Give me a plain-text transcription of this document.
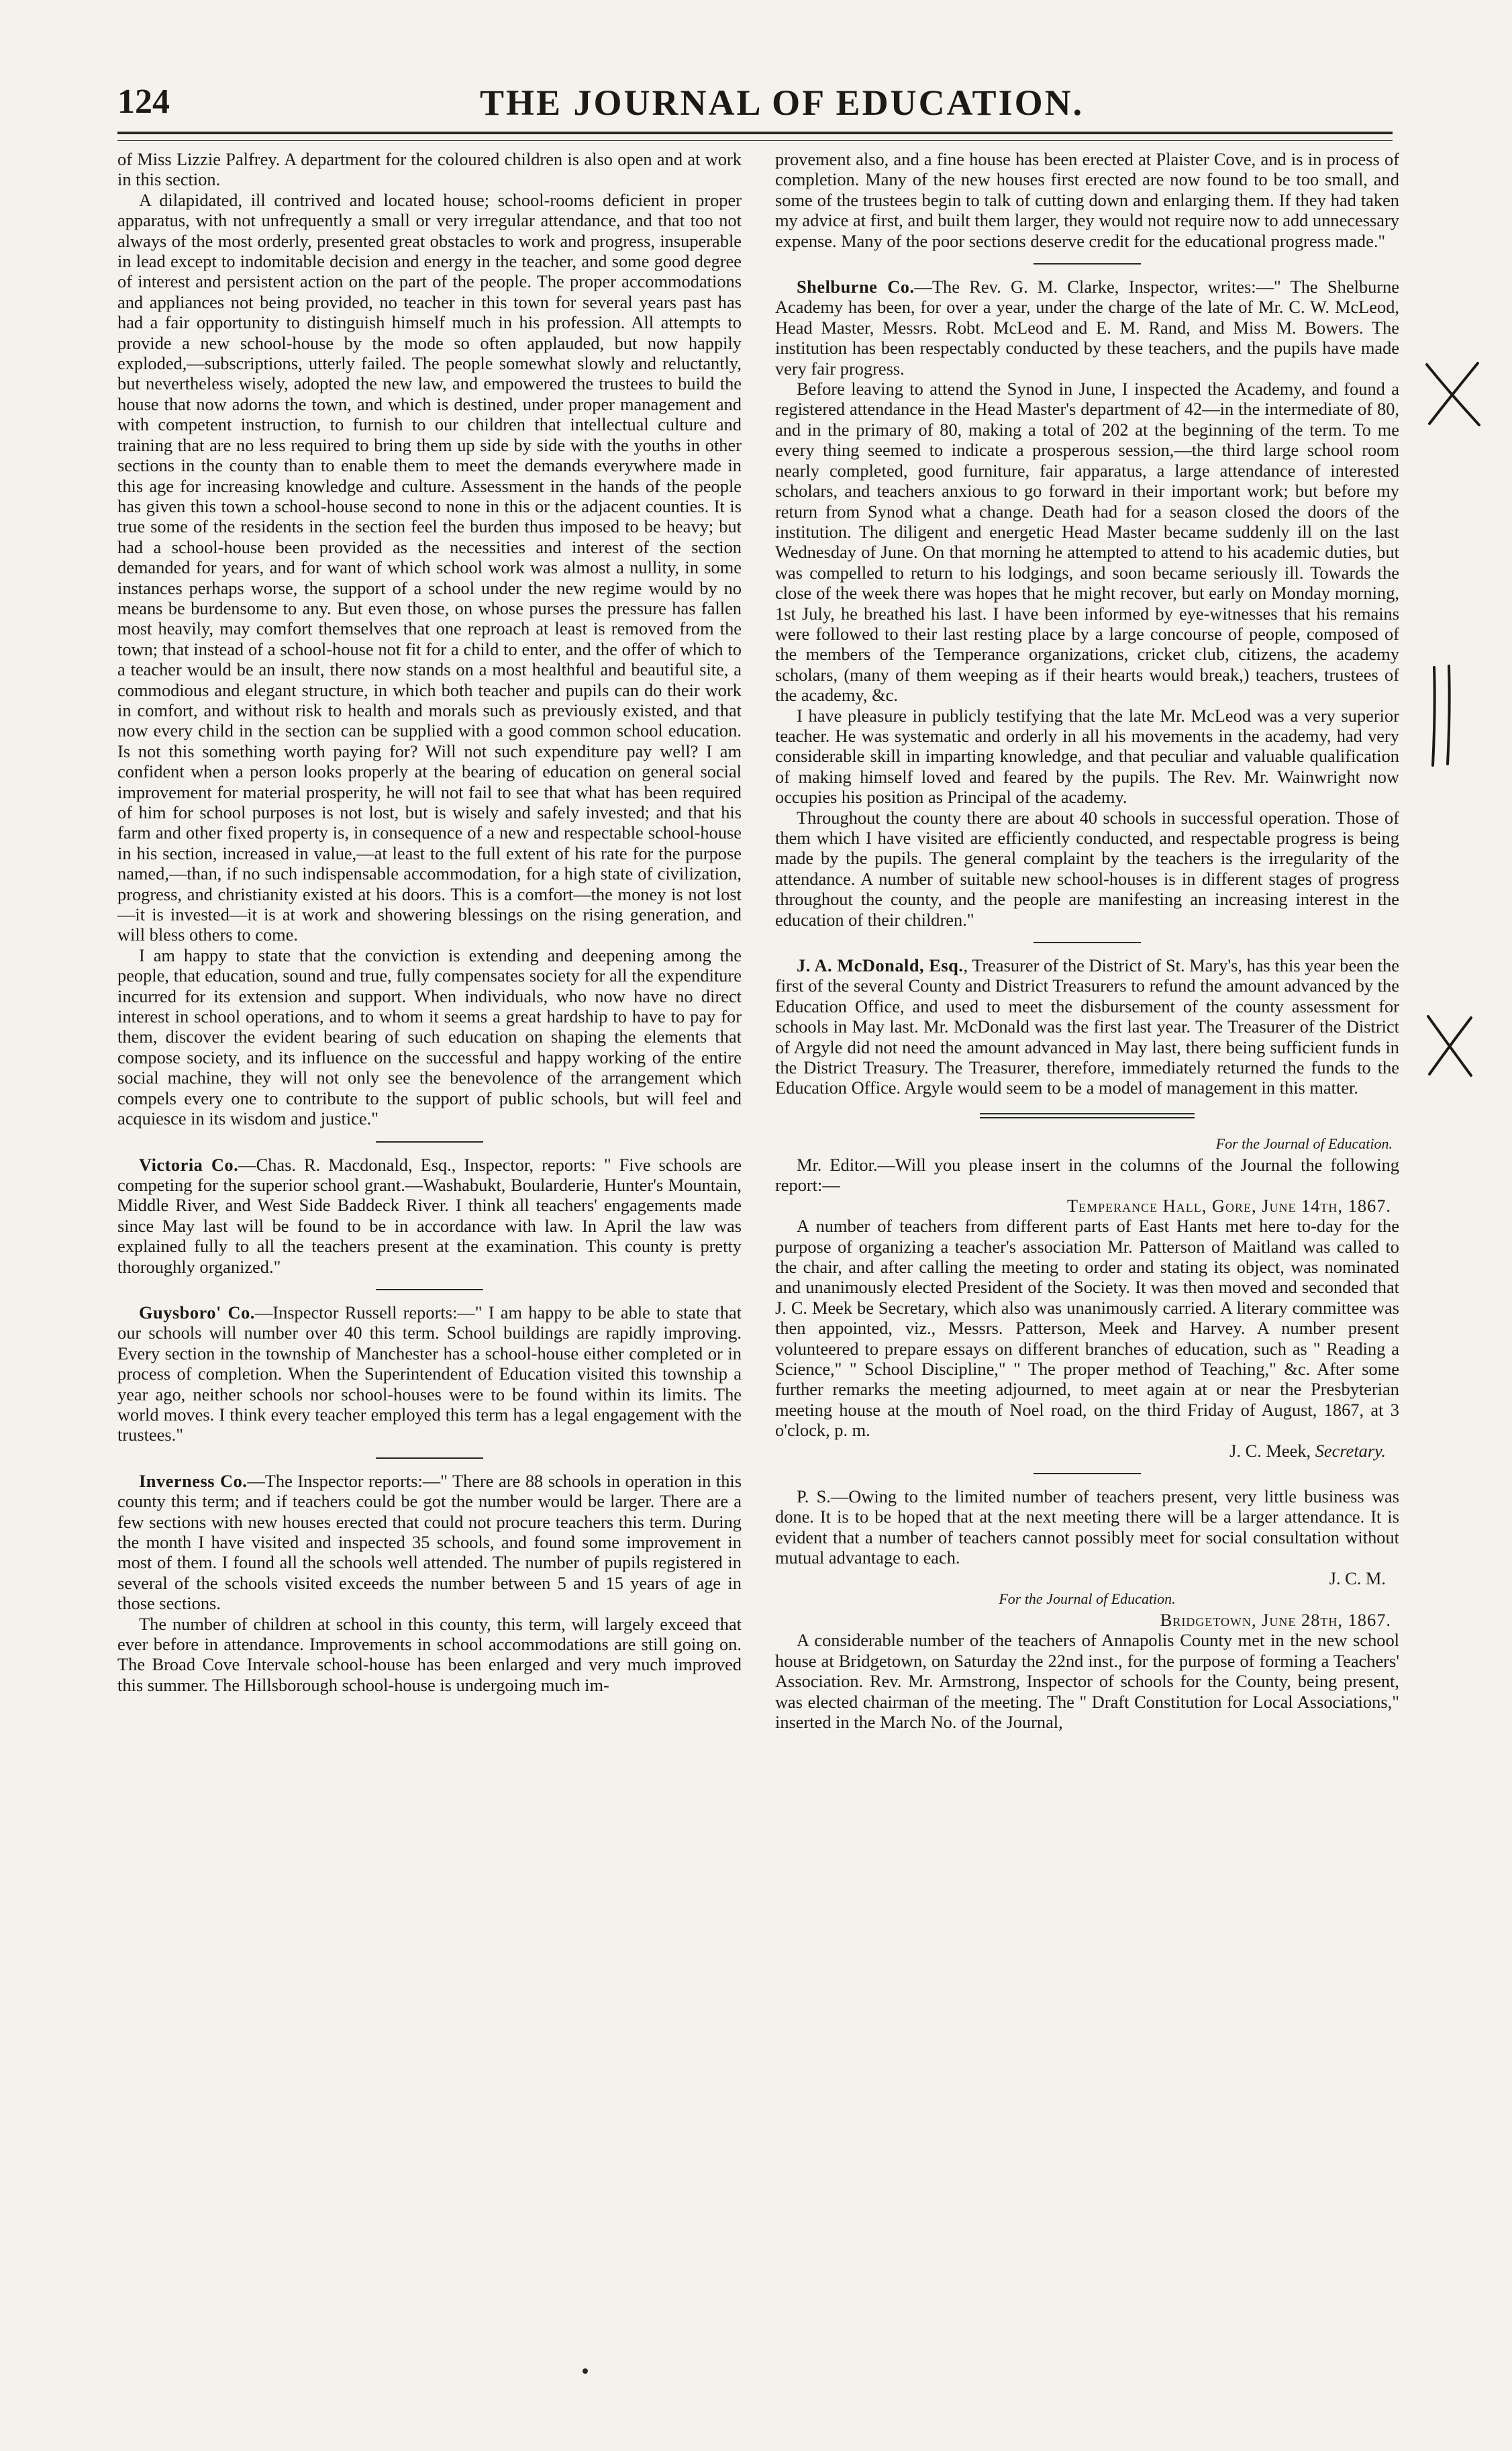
124	THE JOURNAL OF EDUCATION.

of Miss Lizzie Palfrey. A department for the coloured children is also open and at work in this section.

A dilapidated, ill contrived and located house; school-rooms deficient in proper apparatus, with not unfrequently a small or very irregular attendance, and that too not always of the most orderly, presented great obstacles to work and progress, insuperable in lead except to indomitable decision and energy in the teacher, and some good degree of interest and persistent action on the part of the people. The proper accommodations and appliances not being provided, no teacher in this town for several years past has had a fair opportunity to distinguish himself much in his profession. All attempts to provide a new school-house by the mode so often applauded, but now happily exploded,—subscriptions, utterly failed. The people somewhat slowly and reluctantly, but nevertheless wisely, adopted the new law, and empowered the trustees to build the house that now adorns the town, and which is destined, under proper management and with competent instruction, to furnish to our children that intellectual culture and training that are no less required to bring them up side by side with the youths in other sections in the county than to enable them to meet the demands everywhere made in this age for increasing knowledge and culture. Assessment in the hands of the people has given this town a school-house second to none in this or the adjacent counties. It is true some of the residents in the section feel the burden thus imposed to be heavy; but had a school-house been provided as the necessities and interest of the section demanded for years, and for want of which school work was almost a nullity, in some instances perhaps worse, the support of a school under the new regime would by no means be burdensome to any. But even those, on whose purses the pressure has fallen most heavily, may comfort themselves that one reproach at least is removed from the town; that instead of a school-house not fit for a child to enter, and the offer of which to a teacher would be an insult, there now stands on a most healthful and beautiful site, a commodious and elegant structure, in which both teacher and pupils can do their work in comfort, and without risk to health and morals such as previously existed, and that now every child in the section can be supplied with a good common school education. Is not this something worth paying for? Will not such expenditure pay well? I am confident when a person looks properly at the bearing of education on general social improvement for material prosperity, he will not fail to see that what has been required of him for school purposes is not lost, but is wisely and safely invested; and that his farm and other fixed property is, in consequence of a new and respectable school-house in his section, increased in value,—at least to the full extent of his rate for the purpose named,—than, if no such indispensable accommodation, for a high state of civilization, progress, and christianity existed at his doors. This is a comfort—the money is not lost—it is invested—it is at work and showering blessings on the rising generation, and will bless others to come.

I am happy to state that the conviction is extending and deepening among the people, that education, sound and true, fully compensates society for all the expenditure incurred for its extension and support. When individuals, who now have no direct interest in school operations, and to whom it seems a great hardship to have to pay for them, discover the evident bearing of such education on shaping the elements that compose society, and its influence on the successful and happy working of the entire social machine, they will not only see the benevolence of the arrangement which compels every one to contribute to the support of public schools, but will feel and acquiesce in its wisdom and justice."

Victoria Co.—Chas. R. Macdonald, Esq., Inspector, reports: " Five schools are competing for the superior school grant.—Washabukt, Boularderie, Hunter's Mountain, Middle River, and West Side Baddeck River. I think all teachers' engagements made since May last will be found to be in accordance with law. In April the law was explained fully to all the teachers present at the examination. This county is pretty thoroughly organized."

Guysboro' Co.—Inspector Russell reports:—" I am happy to be able to state that our schools will number over 40 this term. School buildings are rapidly improving. Every section in the township of Manchester has a school-house either completed or in process of completion. When the Superintendent of Education visited this township a year ago, neither schools nor school-houses were to be found within its limits. The world moves. I think every teacher employed this term has a legal engagement with the trustees."

Inverness Co.—The Inspector reports:—" There are 88 schools in operation in this county this term; and if teachers could be got the number would be larger. There are a few sections with new houses erected that could not procure teachers this term. During the month I have visited and inspected 35 schools, and found some improvement in most of them. I found all the schools well attended. The number of pupils registered in several of the schools visited exceeds the number between 5 and 15 years of age in those sections.

The number of children at school in this county, this term, will largely exceed that ever before in attendance. Improvements in school accommodations are still going on. The Broad Cove Intervale school-house has been enlarged and very much improved this summer. The Hillsborough school-house is undergoing much im-

provement also, and a fine house has been erected at Plaister Cove, and is in process of completion. Many of the new houses first erected are now found to be too small, and some of the trustees begin to talk of cutting down and enlarging them. If they had taken my advice at first, and built them larger, they would not require now to add unnecessary expense. Many of the poor sections deserve credit for the educational progress made."

Shelburne Co.—The Rev. G. M. Clarke, Inspector, writes:—" The Shelburne Academy has been, for over a year, under the charge of the late of Mr. C. W. McLeod, Head Master, Messrs. Robt. McLeod and E. M. Rand, and Miss M. Bowers. The institution has been respectably conducted by these teachers, and the pupils have made very fair progress.

Before leaving to attend the Synod in June, I inspected the Academy, and found a registered attendance in the Head Master's department of 42—in the intermediate of 80, and in the primary of 80, making a total of 202 at the beginning of the term. To me every thing seemed to indicate a prosperous session,—the third large school room nearly completed, good furniture, fair apparatus, a large attendance of interested scholars, and teachers anxious to go forward in their important work; but before my return from Synod what a change. Death had for a season closed the doors of the institution. The diligent and energetic Head Master became suddenly ill on the last Wednesday of June. On that morning he attempted to attend to his academic duties, but was compelled to return to his lodgings, and soon became seriously ill. Towards the close of the week there was hopes that he might recover, but early on Monday morning, 1st July, he breathed his last. I have been informed by eye-witnesses that his remains were followed to their last resting place by a large concourse of people, composed of the members of the Temperance organizations, cricket club, citizens, the academy scholars, (many of them weeping as if their hearts would break,) teachers, trustees of the academy, &c.

I have pleasure in publicly testifying that the late Mr. McLeod was a very superior teacher. He was systematic and orderly in all his movements in the academy, had very considerable skill in imparting knowledge, and that peculiar and valuable qualification of making himself loved and feared by the pupils. The Rev. Mr. Wainwright now occupies his position as Principal of the academy.

Throughout the county there are about 40 schools in successful operation. Those of them which I have visited are efficiently conducted, and respectable progress is being made by the pupils. The general complaint by the teachers is the irregularity of the attendance. A number of suitable new school-houses is in different stages of progress throughout the county, and the people are manifesting an increasing interest in the education of their children."

J. A. McDonald, Esq., Treasurer of the District of St. Mary's, has this year been the first of the several County and District Treasurers to refund the amount advanced by the Education Office, and used to meet the disbursement of the county assessment for schools in May last. Mr. McDonald was the first last year. The Treasurer of the District of Argyle did not need the amount advanced in May last, there being sufficient funds in the District Treasury. The Treasurer, therefore, immediately returned the funds to the Education Office. Argyle would seem to be a model of management in this matter.

For the Journal of Education.

Mr. Editor.—Will you please insert in the columns of the Journal the following report:—

Temperance Hall, Gore, June 14th, 1867.

A number of teachers from different parts of East Hants met here to-day for the purpose of organizing a teacher's association Mr. Patterson of Maitland was called to the chair, and after calling the meeting to order and stating its object, was nominated and unanimously elected President of the Society. It was then moved and seconded that J. C. Meek be Secretary, which also was unanimously carried. A literary committee was then appointed, viz., Messrs. Patterson, Meek and Harvey. A number present volunteered to prepare essays on different branches of education, such as " Reading a Science," " School Discipline," " The proper method of Teaching," &c. After some further remarks the meeting adjourned, to meet again at or near the Presbyterian meeting house at the mouth of Noel road, on the third Friday of August, 1867, at 3 o'clock, p. m.

J. C. Meek, Secretary.

P. S.—Owing to the limited number of teachers present, very little business was done. It is to be hoped that at the next meeting there will be a larger attendance. It is evident that a number of teachers cannot possibly meet for social consultation without mutual advantage to each.

J. C. M.
For the Journal of Education.
Bridgetown, June 28th, 1867.

A considerable number of the teachers of Annapolis County met in the new school house at Bridgetown, on Saturday the 22nd inst., for the purpose of forming a Teachers' Association. Rev. Mr. Armstrong, Inspector of schools for the County, being present, was elected chairman of the meeting. The " Draft Constitution for Local Associations," inserted in the March No. of the Journal,
